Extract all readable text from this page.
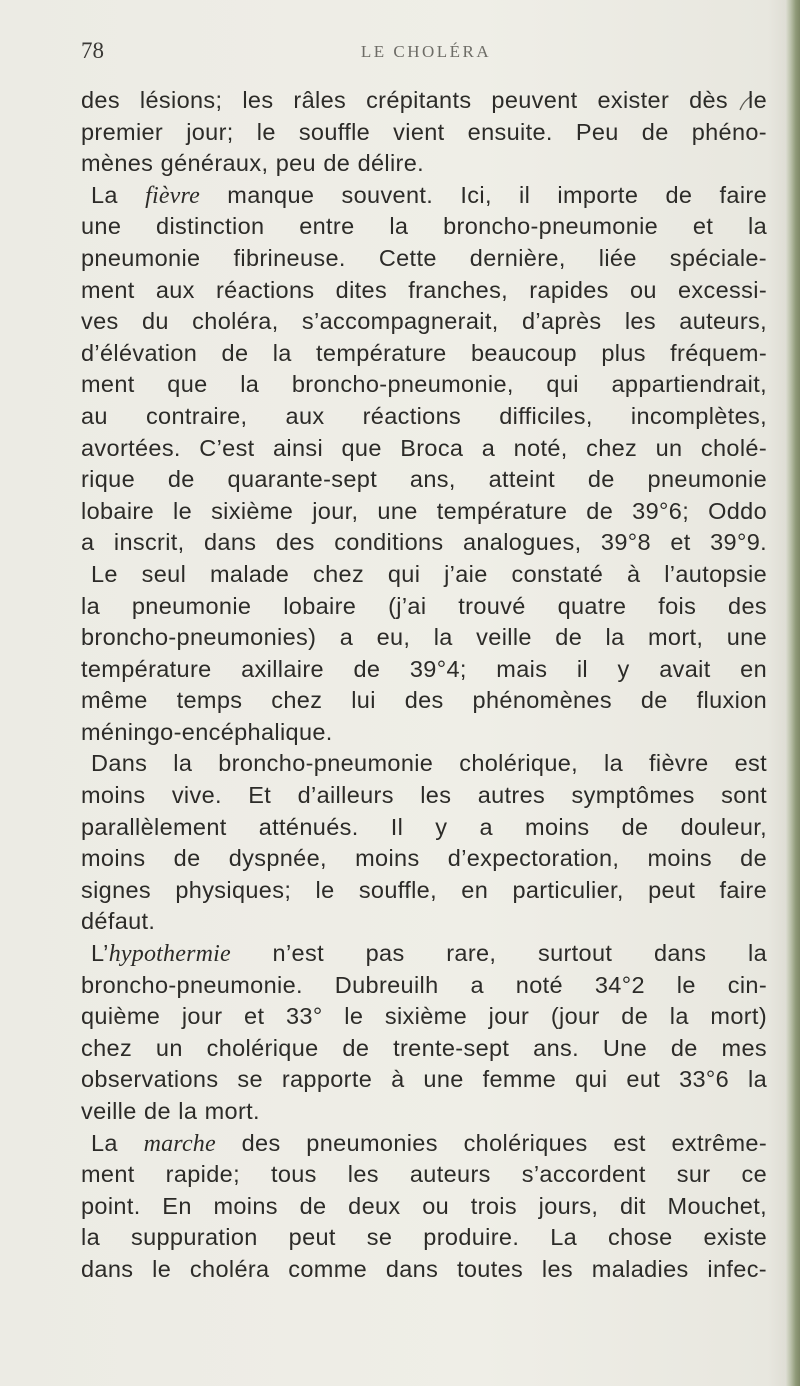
78	LE CHOLÉRA
des lésions; les râles crépitants peuvent exister dès le
premier jour; le souffle vient ensuite. Peu de phéno-
mènes généraux, peu de délire.
La fièvre manque souvent. Ici, il importe de faire
une distinction entre la broncho-pneumonie et la
pneumonie fibrineuse. Cette dernière, liée spéciale-
ment aux réactions dites franches, rapides ou excessi-
ves du choléra, s’accompagnerait, d’après les auteurs,
d’élévation de la température beaucoup plus fréquem-
ment que la broncho-pneumonie, qui appartiendrait,
au contraire, aux réactions difficiles, incomplètes,
avortées. C’est ainsi que Broca a noté, chez un cholé-
rique de quarante-sept ans, atteint de pneumonie
lobaire le sixième jour, une température de 39°6; Oddo
a inscrit, dans des conditions analogues, 39°8 et 39°9.
Le seul malade chez qui j’aie constaté à l’autopsie
la pneumonie lobaire (j’ai trouvé quatre fois des
broncho-pneumonies) a eu, la veille de la mort, une
température axillaire de 39°4; mais il y avait en
même temps chez lui des phénomènes de fluxion
méningo-encéphalique.
Dans la broncho-pneumonie cholérique, la fièvre est
moins vive. Et d’ailleurs les autres symptômes sont
parallèlement atténués. Il y a moins de douleur,
moins de dyspnée, moins d’expectoration, moins de
signes physiques; le souffle, en particulier, peut faire
défaut.
L’hypothermie n’est pas rare, surtout dans la
broncho-pneumonie. Dubreuilh a noté 34°2 le cin-
quième jour et 33° le sixième jour (jour de la mort)
chez un cholérique de trente-sept ans. Une de mes
observations se rapporte à une femme qui eut 33°6 la
veille de la mort.
La marche des pneumonies cholériques est extrême-
ment rapide; tous les auteurs s’accordent sur ce
point. En moins de deux ou trois jours, dit Mouchet,
la suppuration peut se produire. La chose existe
dans le choléra comme dans toutes les maladies infec-
